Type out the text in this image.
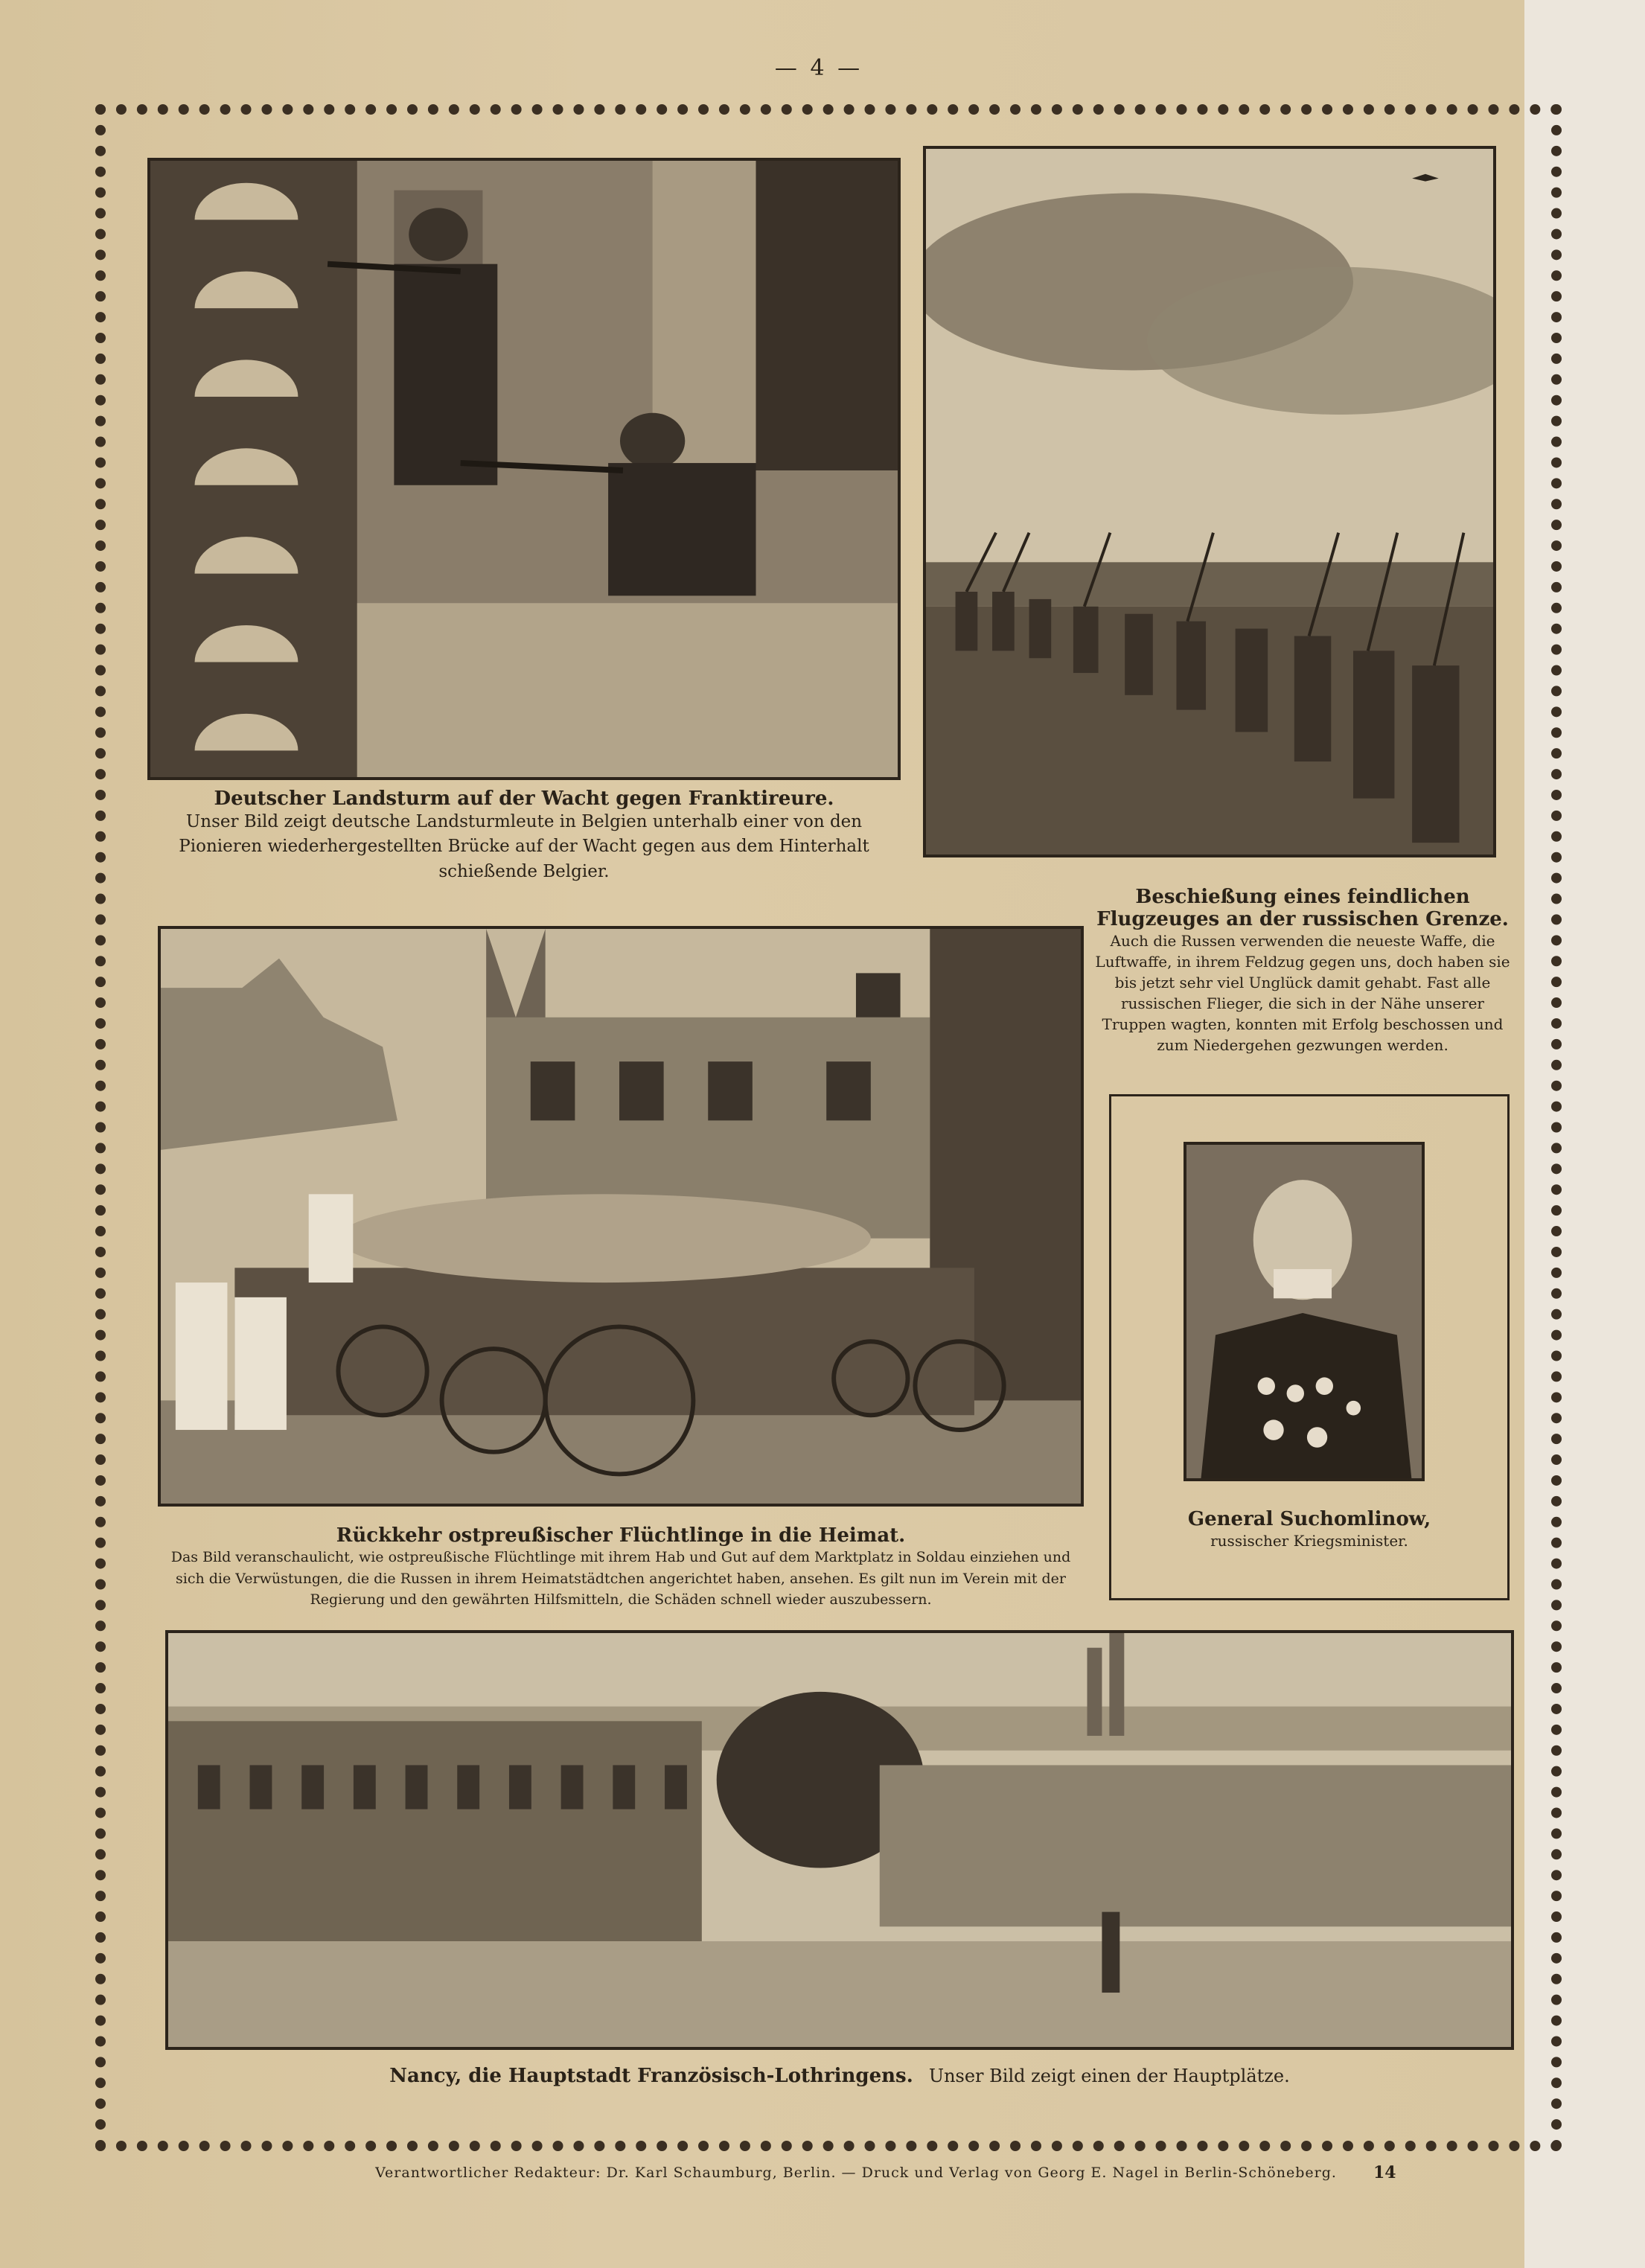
— 4 —
Deutscher Landsturm auf der Wacht gegen Franktireure.
Unser Bild zeigt deutsche Landsturmleute in Belgien unterhalb einer von den Pionieren wiederhergestellten Brücke auf der Wacht gegen aus dem Hinterhalt schießende Belgier.
Beschießung eines feindlichen Flugzeuges an der russischen Grenze.
Auch die Russen verwenden die neueste Waffe, die Luftwaffe, in ihrem Feldzug gegen uns, doch haben sie bis jetzt sehr viel Unglück damit gehabt. Fast alle russischen Flieger, die sich in der Nähe unserer Truppen wagten, konnten mit Erfolg beschossen und zum Niedergehen gezwungen werden.
Rückkehr ostpreußischer Flüchtlinge in die Heimat.
Das Bild veranschaulicht, wie ostpreußische Flüchtlinge mit ihrem Hab und Gut auf dem Marktplatz in Soldau einziehen und sich die Verwüstungen, die die Russen in ihrem Heimatstädtchen angerichtet haben, ansehen. Es gilt nun im Verein mit der Regierung und den gewährten Hilfsmitteln, die Schäden schnell wieder auszubessern.
General Suchomlinow,
russischer Kriegsminister.
Nancy, die Hauptstadt Französisch-Lothringens. Unser Bild zeigt einen der Hauptplätze.
Verantwortlicher Redakteur: Dr. Karl Schaumburg, Berlin. — Druck und Verlag von Georg E. Nagel in Berlin-Schöneberg.	14
